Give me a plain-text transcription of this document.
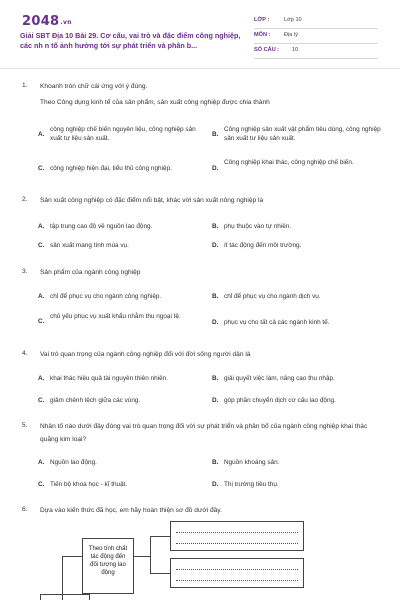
2048.vn
Giải SBT Địa 10 Bài 29. Cơ cấu, vai trò và đặc điểm công nghiệp, các nh n tố ảnh hưởng tới sự phát triển và phân b...
LỚP :	Lớp 10
MÔN : Địa lý
SỐ CÂU : 10
1. Khoanh tròn chữ cái ứng với ý đúng.
Theo Công dụng kinh tế của sản phẩm, sản xuất công nghiệp được chia thành
A.
công nghiệp chế biến nguyên liệu, công nghiệp sản xuất tư liệu sản xuất.
B.
Công nghiệp sản xuất vật phẩm tiêu dùng, công nghiệp sản xuất tư liệu sản xuất.
C. công nghiệp hiện đại, tiểu thủ công nghiệp.	D.
Công nghiệp khai thác, công nghiệp chế biến.
2. Sản xuất công nghiệp có đặc điểm nổi bật, khác với sản xuất nông nghiệp là
A. tập trung cao độ về nguồn lao động.	B. phụ thuộc vào tự nhiên.
C. sản xuất mang tính mùa vụ.	D. ít tác động đến môi trường.
3. Sản phẩm của ngành công nghiệp
A. chỉ để phục vụ cho ngành công nghiệp.	B. chỉ để phục vụ cho ngành dịch vụ.
C.
chủ yếu phục vụ xuất khẩu nhằm thu ngoại tệ.
D. phục vụ cho tất cả các ngành kinh tế.
4. Vai trò quan trọng của ngành công nghiệp đối với đời sống người dân là
A. khai thác hiệu quả tài nguyên thiên nhiên.	B. giải quyết việc làm, nâng cao thu nhập.
C. giảm chênh lệch giữa các vùng.	D. góp phần chuyển dịch cơ cấu lao động.
5. Nhân tố nào dưới đây đóng vai trò quan trọng đối với sự phát triển và phân bố của ngành công nghiệp khai thác quặng kim loại?
A. Nguồn lao động.	B. Nguồn khoáng sản.
C. Tiến bộ khoa học - kĩ thuật.	D. Thị trường tiêu thụ.
6. Dựa vào kiến thức đã học, em hãy hoàn thiện sơ đồ dưới đây.
Theo tính chất tác động đến đối tượng lao động
